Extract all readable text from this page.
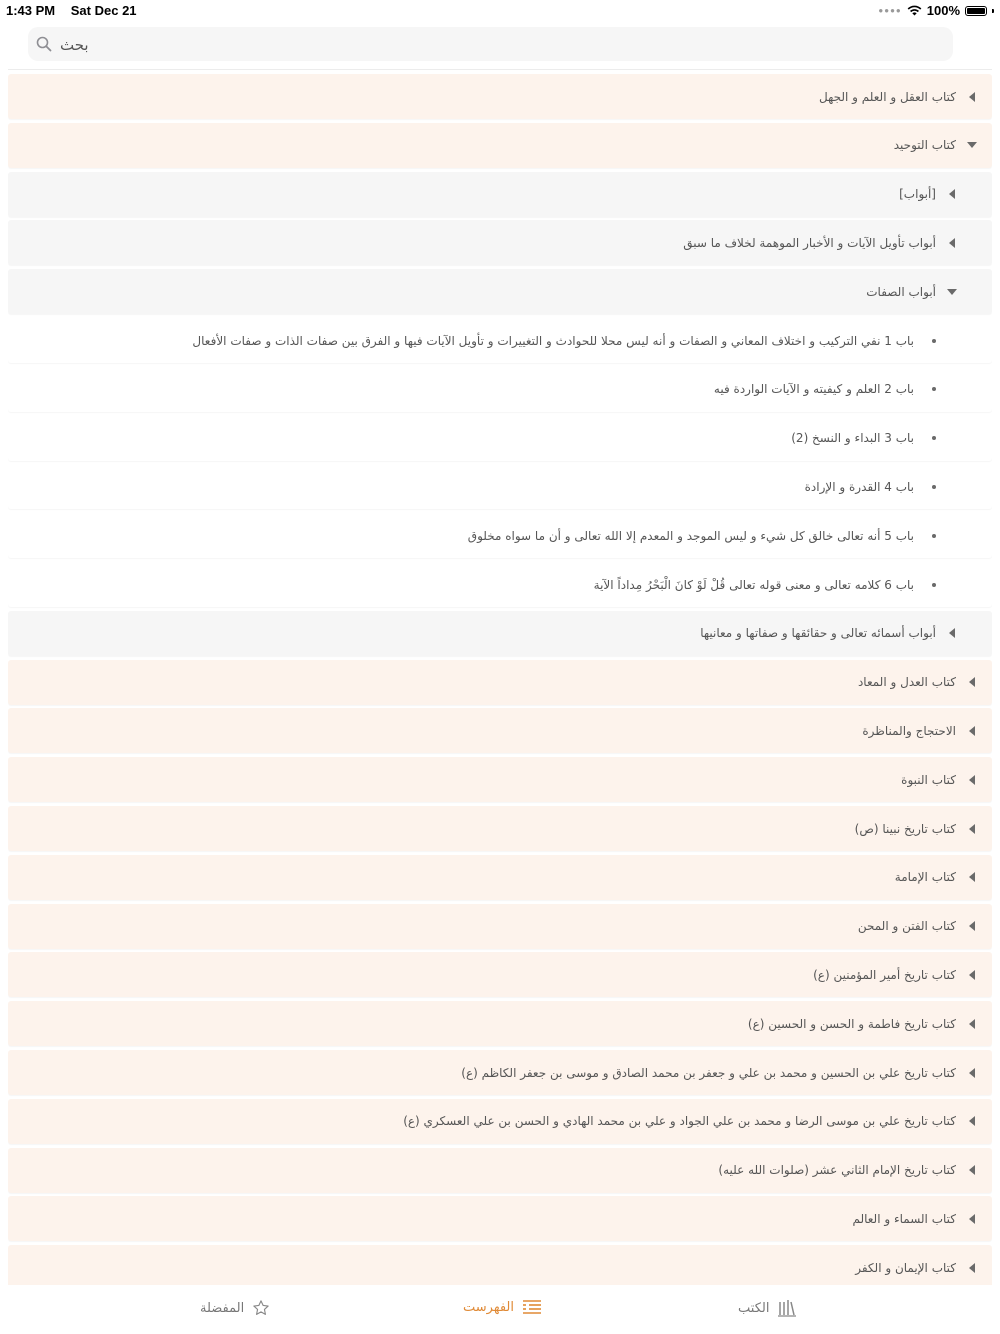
1:43 PM Sat Dec 21	●●●● 100%
بحث
كتاب العقل و العلم و الجهل
كتاب التوحيد
[أبواب]
أبواب تأويل الآيات و الأخبار الموهمة لخلاف ما سبق
أبواب الصفات
باب 1 نفي التركيب و اختلاف المعاني و الصفات و أنه ليس محلا للحوادث و التغييرات و تأويل الآيات فيها و الفرق بين صفات الذات و صفات الأفعال
باب 2 العلم و كيفيته و الآيات الواردة فيه
باب 3 البداء و النسخ (2)
باب 4 القدرة و الإرادة
باب 5 أنه تعالى خالق كل شيء و ليس الموجد و المعدم إلا الله تعالى و أن ما سواه مخلوق
باب 6 كلامه تعالى و معنى قوله تعالى قُلْ لَوْ كانَ الْبَحْرُ مِداداً الآية
أبواب أسمائه تعالى و حقائقها و صفاتها و معانيها
كتاب العدل و المعاد
الاحتجاج والمناظرة
كتاب النبوة
كتاب تاريخ نبينا (ص)
كتاب الإمامة
كتاب الفتن و المحن
كتاب تاريخ أمير المؤمنين (ع)
كتاب تاريخ فاطمة و الحسن و الحسين (ع)
كتاب تاريخ علي بن الحسين و محمد بن علي و جعفر بن محمد الصادق و موسى بن جعفر الكاظم (ع)
كتاب تاريخ علي بن موسى الرضا و محمد بن علي الجواد و علي بن محمد الهادي و الحسن بن علي العسكري (ع)
كتاب تاريخ الإمام الثاني عشر (صلوات الله عليه)
كتاب السماء و العالم
كتاب الإيمان و الكفر
المفضلة	الفهرست	الكتب
